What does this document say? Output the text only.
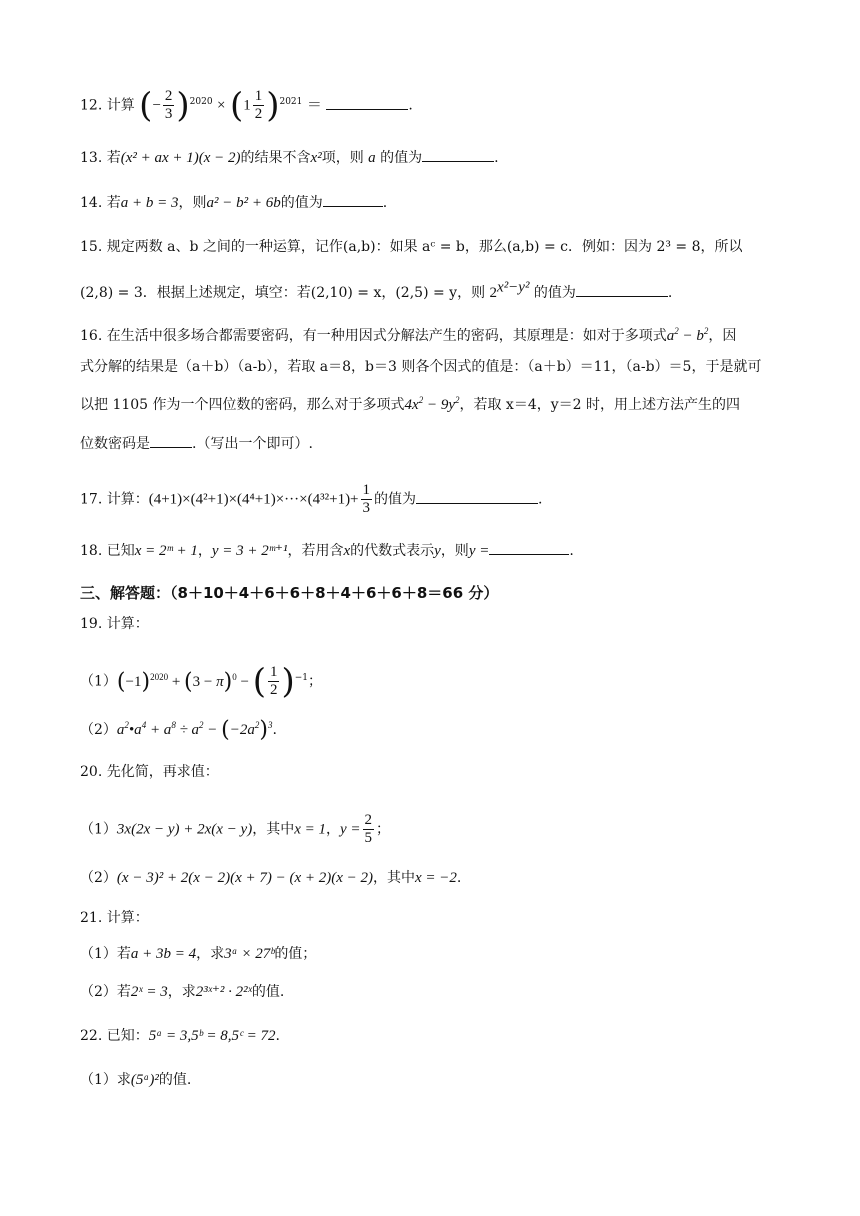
12. 计算 (− $\frac{2}{3} )^{2020} \times (1 \frac{1}{2} )^{2021}$ ＝	.
13. 若(x² + ax + 1)(x − 2)的结果不含x²项，则 a 的值为	.
14. 若a + b = 3，则a² − b² + 6b的值为	.
15. 规定两数 a、b 之间的一种运算，记作(a,b)：如果 aᶜ = b，那么(a,b) = c．例如：因为 2³ = 8，所以
(2,8) = 3．根据上述规定，填空：若(2,10) = x，(2,5) = y，则 $2^{x^2-y^2}$ 的值为	.
16. 在生活中很多场合都需要密码，有一种用因式分解法产生的密码，其原理是：如对于多项式$a^2 - b^2$，因
式分解的结果是（a＋b）（a-b），若取 a＝8，b＝3 则各个因式的值是：（a＋b）＝11，（a-b）＝5，于是就可
以把 1105 作为一个四位数的密码，那么对于多项式$4x^2 - 9y^2$，若取 x＝4，y＝2 时，用上述方法产生的四
位数密码是	.（写出一个即可）.
17. 计算：$(4+1)\times(4^2+1)\times(4^4+1)\times\cdot\cdot\cdot\times(4^{32}+1)+ \frac{1}{3}$ 的值为	.
18. 已知x = 2ᵐ + 1，y = 3 + 2ᵐ⁺¹，若用含x的代数式表示y，则y =	.
三、解答题：（8＋10＋4＋6＋6＋8＋4＋6＋6＋8＝66 分）
19. 计算：
$(1)(-1)^{2020} + (3 - \pi)^0$ − ( $\frac{1}{2} )^{-1}$；
$(2)a^2•a^4 + a^8 \div a^2 - (-2a^2)^3$.
20. 先化简，再求值：
（1）3x(2x − y) + 2x(x − y)，其中x = 1，$y = \frac{2}{5}$ ；
（2）(x − 3)² + 2(x − 2)(x + 7) − (x + 2)(x − 2)，其中x = −2.
21. 计算：
（1）若a + 3b = 4，求3ᵃ × 27ᵇ的值；
（2）若2ˣ = 3，求2³ˣ⁺² · 2²ˣ的值.
22. 已知：5ᵃ = 3,5ᵇ = 8,5ᶜ = 72.
（1）求(5ᵃ)²的值.
